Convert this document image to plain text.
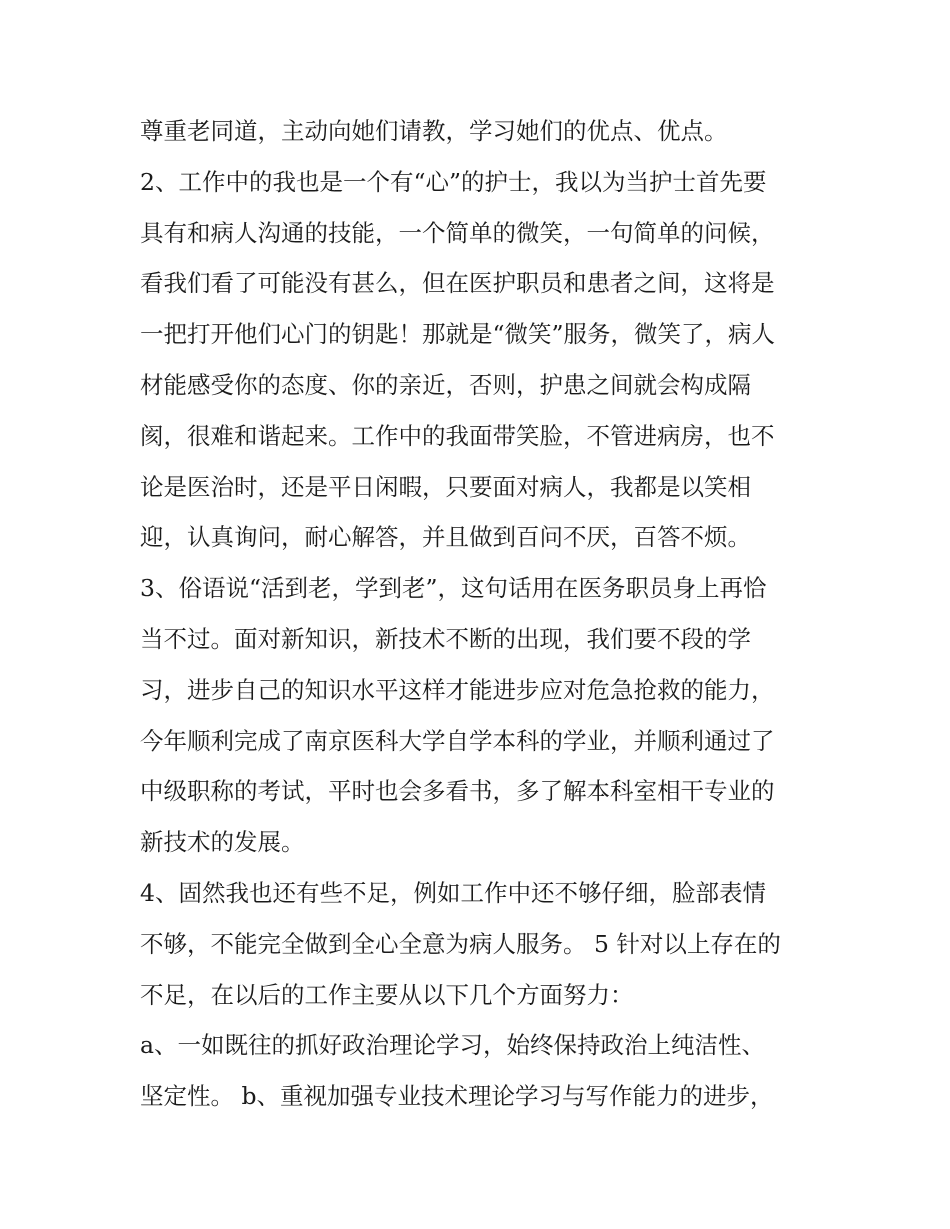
尊重老同道，主动向她们请教，学习她们的优点、优点。
2、工作中的我也是一个有“心”的护士，我以为当护士首先要
具有和病人沟通的技能，一个简单的微笑，一句简单的问候，
看我们看了可能没有甚么，但在医护职员和患者之间，这将是
一把打开他们心门的钥匙！那就是“微笑”服务，微笑了，病人
材能感受你的态度、你的亲近，否则，护患之间就会构成隔
阂，很难和谐起来。工作中的我面带笑脸，不管进病房，也不
论是医治时，还是平日闲暇，只要面对病人，我都是以笑相
迎，认真询问，耐心解答，并且做到百问不厌，百答不烦。
3、俗语说“活到老，学到老”，这句话用在医务职员身上再恰
当不过。面对新知识，新技术不断的出现，我们要不段的学
习，进步自己的知识水平这样才能进步应对危急抢救的能力，
今年顺利完成了南京医科大学自学本科的学业，并顺利通过了
中级职称的考试，平时也会多看书，多了解本科室相干专业的
新技术的发展。
4、固然我也还有些不足，例如工作中还不够仔细，脸部表情
不够，不能完全做到全心全意为病人服务。 5 针对以上存在的
不足，在以后的工作主要从以下几个方面努力：
a、一如既往的抓好政治理论学习，始终保持政治上纯洁性、
坚定性。 b、重视加强专业技术理论学习与写作能力的进步，
